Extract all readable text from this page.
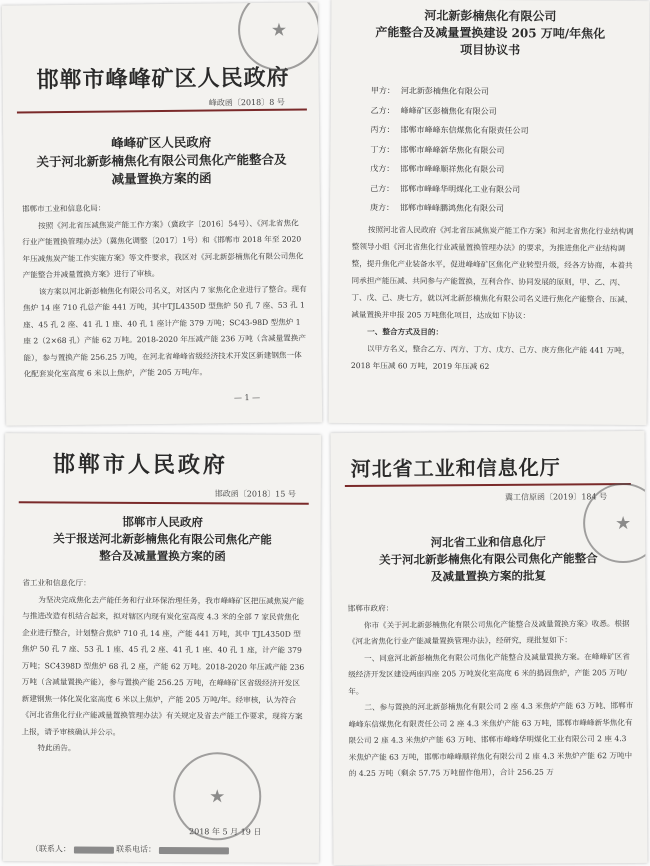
邯郸市峰峰矿区人民政府
峰政函〔2018〕8 号
★
峰峰矿区人民政府
关于河北新彭楠焦化有限公司焦化产能整合及
减量置换方案的函

邯郸市工业和信息化局：

按照《河北省压减焦炭产能工作方案》（冀政字〔2016〕54号）、《河北省焦化行业产能置换管理办法》（冀焦化调整〔2017〕1号）和《邯郸市 2018 年至 2020 年压减焦炭产能工作实施方案》等文件要求，我区对《河北新彭楠焦化有限公司焦化产能整合并减量置换方案》进行了审核。

该方案以河北新彭楠焦化有限公司名义，对区内 7 家焦化企业进行了整合。现有焦炉 14 座 710 孔总产能 441 万吨，其中TJL4350D 型焦炉 50 孔 7 座、53 孔 1 座、45 孔 2 座、41 孔 1 座、40 孔 1 座计产能 379 万吨；SC43-98D 型焦炉 1 座 2（2×68 孔）产能 62 万吨。2018-2020 年压减产能 236 万吨（含减量置换产能），参与置换产能 256.25 万吨，在河北省峰峰省级经济技术开发区新建钢焦一体化配套炭化室高度 6 米以上焦炉，产能 205 万吨/年。

— 1 —
河北新彭楠焦化有限公司
产能整合及减量置换建设 205 万吨/年焦化
项目协议书
甲方： 河北新彭楠焦化有限公司
乙方： 峰峰矿区彭楠焦化有限公司
丙方： 邯郸市峰峰东信煤焦化有限责任公司
丁方： 邯郸市峰峰新华焦化有限公司
戊方： 邯郸市峰峰顺祥焦化有限公司
己方： 邯郸市峰峰华明煤化工业有限公司
庚方： 邯郸市峰峰鹏鸿焦化有限公司

按照河北省人民政府《河北省压减焦炭产能工作方案》和河北省焦化行业结构调整领导小组《河北省焦化行业减量置换管理办法》的要求，为推进焦化产业结构调整，提升焦化产业装备水平，促进峰峰矿区焦化产业转型升级，经各方协商，本着共同承担产能压减、共同参与产能置换，互利合作、协同发展的原则，甲、乙、丙、丁、戊、己、庚七方，就以河北新彭楠焦化有限公司名义进行焦化产能整合、压减、减量置换并申报 205 万吨焦化项目，达成如下协议：

一、整合方式及目的：

以甲方名义，整合乙方、丙方、丁方、戊方、己方、庚方焦化产能 441 万吨，2018 年压减 60 万吨，2019 年压减 62

邯郸市人民政府
邯政函〔2018〕15 号
邯郸市人民政府
关于报送河北新彭楠焦化有限公司焦化产能
整合及减量置换方案的函

省工业和信息化厅：

为坚决完成焦化去产能任务和行业环保治理任务，我市峰峰矿区把压减焦炭产能与推进改造有机结合起来，拟对辖区内现有炭化室高度 4.3 米的全部 7 家民营焦化企业进行整合，计划整合焦炉 710 孔 14 座，产能 441 万吨，其中 TJL4350D 型焦炉 50 孔 7 座、53 孔 1 座、45 孔 2 座、41 孔 1 座、40 孔 1 座，计产能 379 万吨；SC4398D 型焦炉 68 孔 2 座，产能 62 万吨。2018-2020 年压减产能 236 万吨（含减量置换产能），参与置换产能 256.25 万吨，在峰峰矿区省级经济开发区新建钢焦一体化炭化室高度 6 米以上焦炉，产能 205 万吨/年。经审核，认为符合《河北省焦化行业产能减量置换管理办法》有关规定及省去产能工作要求，现将方案上报，请予审核确认并公示。

特此函告。

★
2018 年 5 月 19 日
（联系人：	联系电话：
河北省工业和信息化厅
冀工信原函〔2019〕184 号
★
河北省工业和信息化厅
关于河北新彭楠焦化有限公司焦化产能整合
及减量置换方案的批复

邯郸市政府：

你市《关于河北新彭楠焦化有限公司焦化产能整合及减量置换方案》收悉。根据《河北省焦化行业产能减量置换管理办法》，经研究，现批复如下：

一、同意河北新彭楠焦化有限公司焦化产能整合及减量置换方案。在峰峰矿区省级经济开发区建设两座四座 205 万吨炭化室高度 6 米的捣固焦炉，产能 205 万吨/年。

二、参与置换的河北新彭楠焦化有限公司 2 座 4.3 米焦炉产能 63 万吨、邯郸市峰峰东信煤焦化有限责任公司 2 座 4.3 米焦炉产能 63 万吨，邯郸市峰峰新华焦化有限公司 2 座 4.3 米焦炉产能 63 万吨、邯郸市峰峰华明煤化工业有限公司 2 座 4.3 米焦炉产能 63 万吨，邯郸市峰峰顺祥焦化有限公司 2 座 4.3 米焦炉产能 62 万吨中的 4.25 万吨（剩余 57.75 万吨留作他用），合计 256.25 万
